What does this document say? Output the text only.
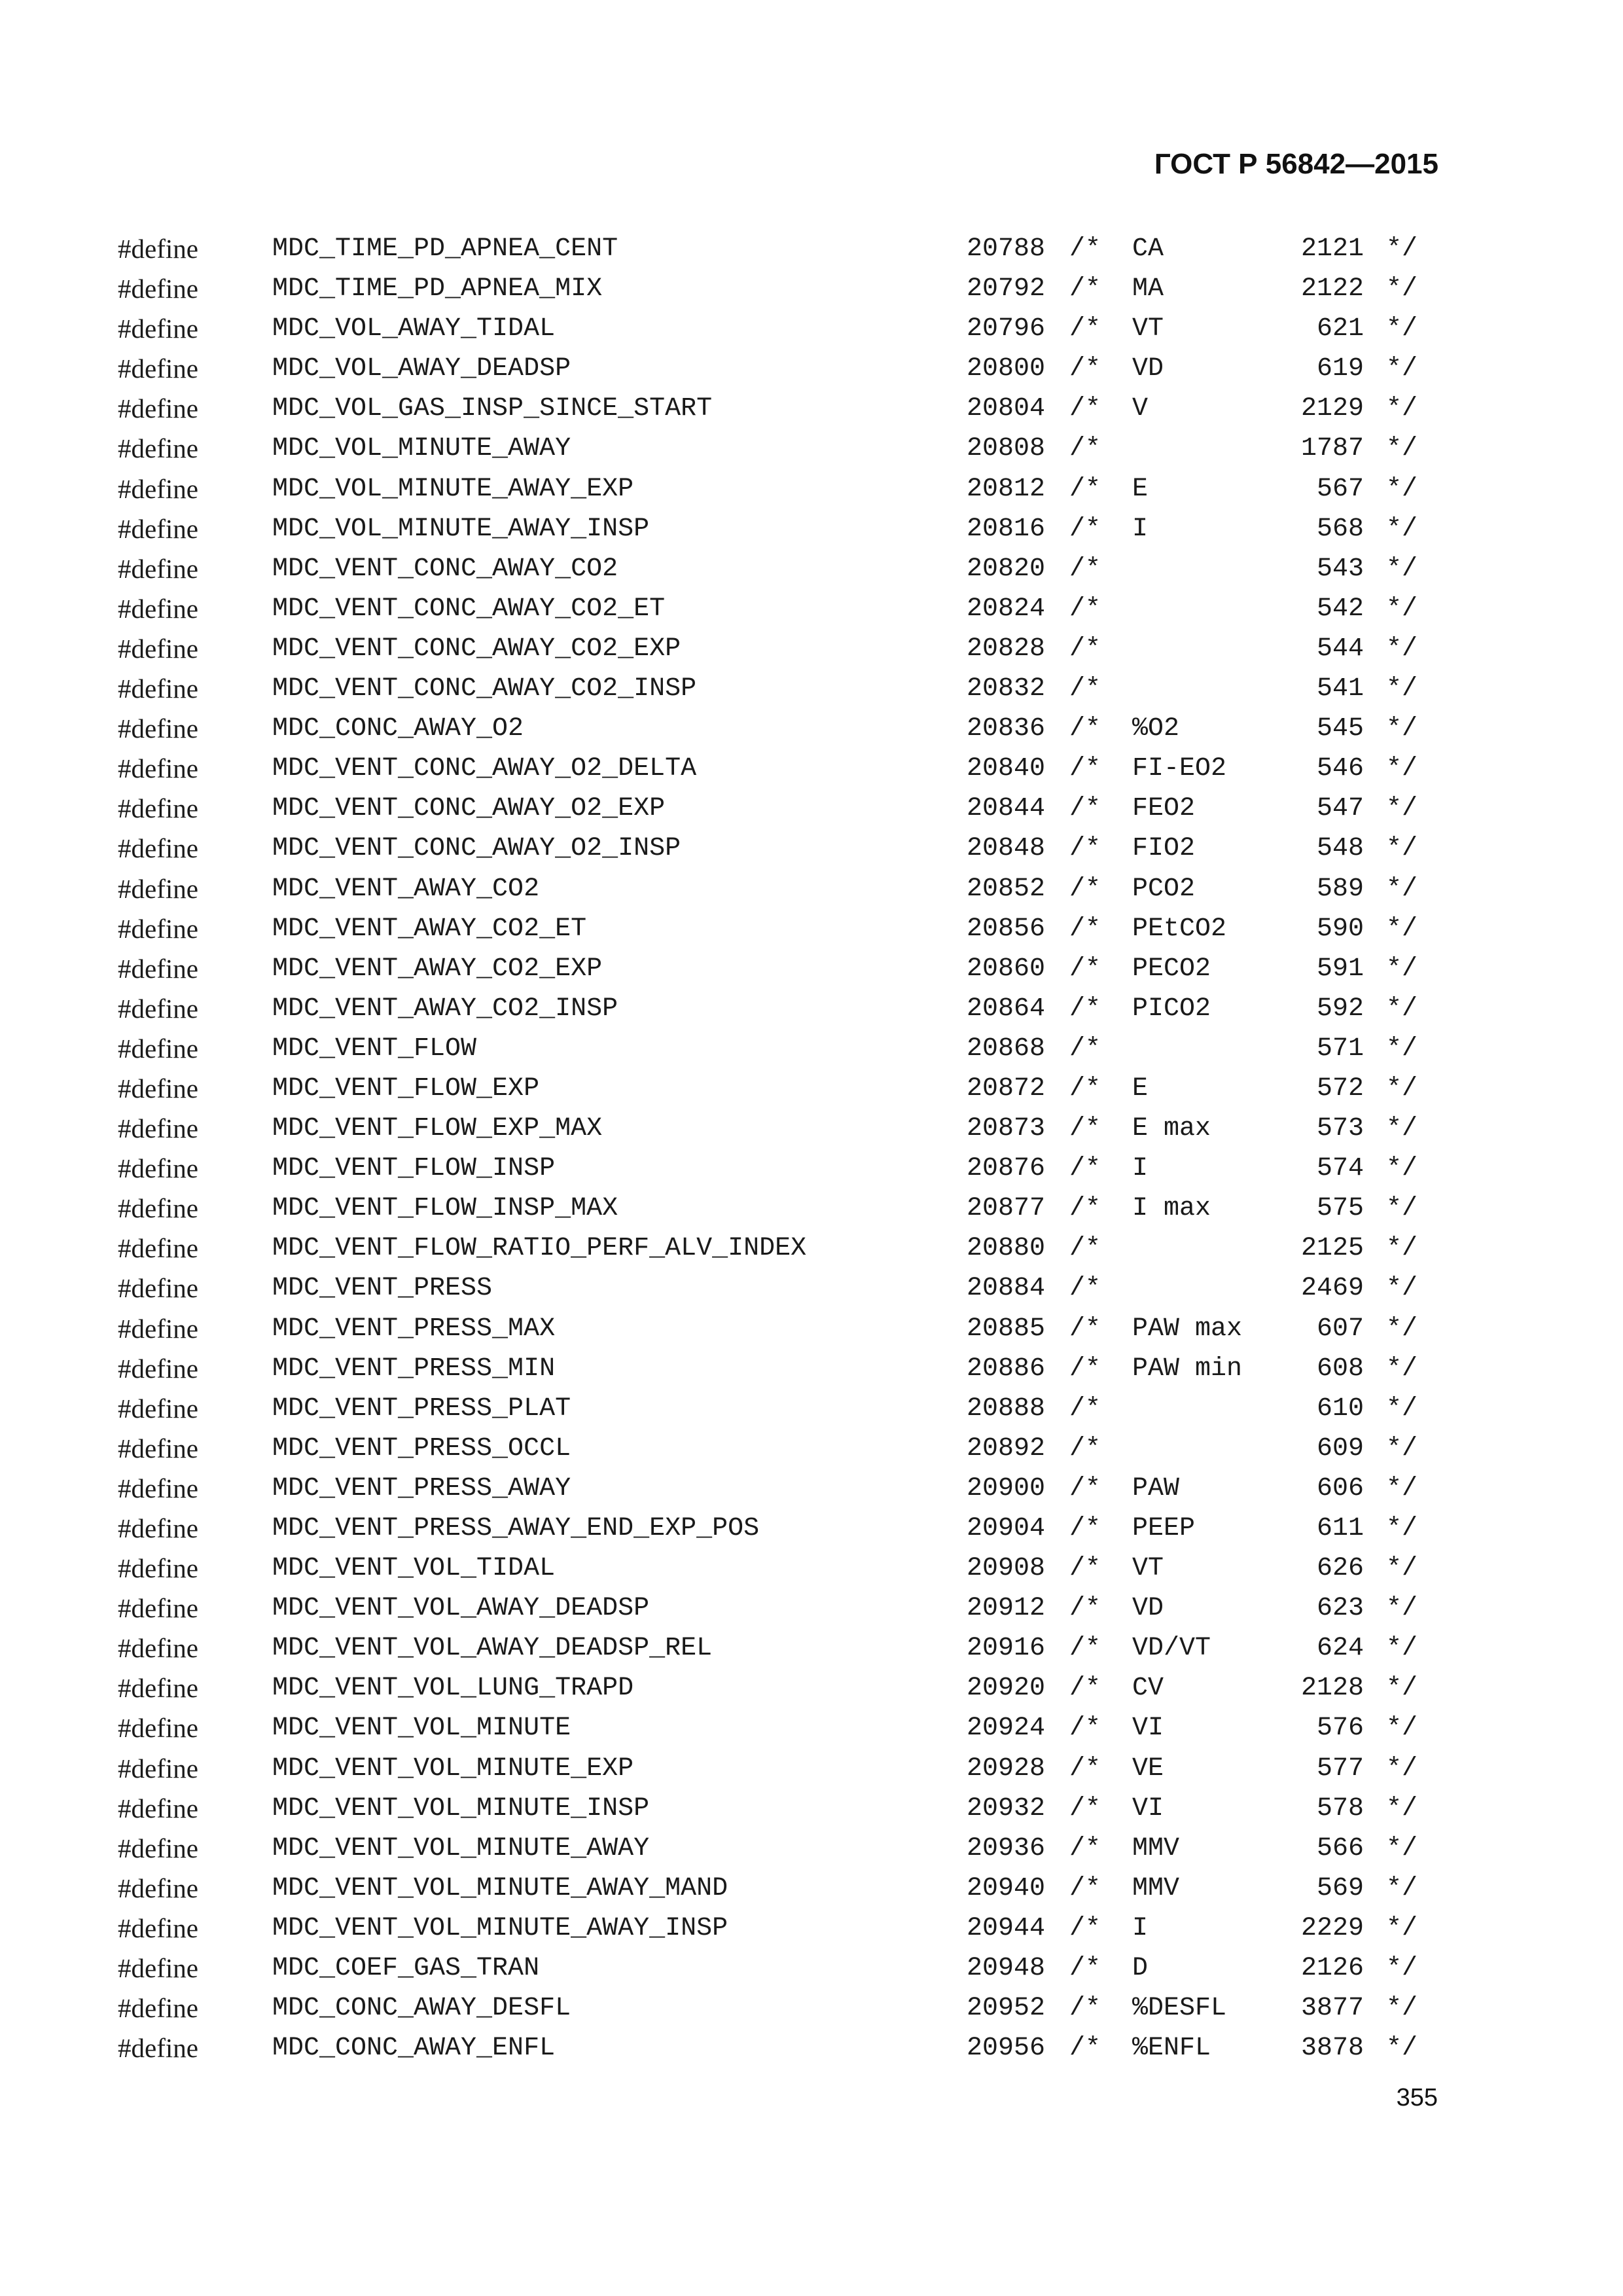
ГОСТ Р 56842—2015
#define	MDC_TIME_PD_APNEA_CENT	20788 /* CA	2121 */
#define	MDC_TIME_PD_APNEA_MIX	20792 /* MA	2122 */
#define	MDC_VOL_AWAY_TIDAL	20796 /* VT	621 */
#define	MDC_VOL_AWAY_DEADSP	20800 /* VD	619 */
#define	MDC_VOL_GAS_INSP_SINCE_START	20804 /* V	2129 */
#define	MDC_VOL_MINUTE_AWAY	20808 /*	1787 */
#define	MDC_VOL_MINUTE_AWAY_EXP	20812 /* E	567 */
#define	MDC_VOL_MINUTE_AWAY_INSP	20816 /* I	568 */
#define	MDC_VENT_CONC_AWAY_CO2	20820 /*	543 */
#define	MDC_VENT_CONC_AWAY_CO2_ET	20824 /*	542 */
#define	MDC_VENT_CONC_AWAY_CO2_EXP	20828 /*	544 */
#define	MDC_VENT_CONC_AWAY_CO2_INSP	20832 /*	541 */
#define	MDC_CONC_AWAY_O2	20836 /* %O2	545 */
#define	MDC_VENT_CONC_AWAY_O2_DELTA	20840 /* FI-EO2	546 */
#define	MDC_VENT_CONC_AWAY_O2_EXP	20844 /* FEO2	547 */
#define	MDC_VENT_CONC_AWAY_O2_INSP	20848 /* FIO2	548 */
#define	MDC_VENT_AWAY_CO2	20852 /* PCO2	589 */
#define	MDC_VENT_AWAY_CO2_ET	20856 /* PEtCO2	590 */
#define	MDC_VENT_AWAY_CO2_EXP	20860 /* PECO2	591 */
#define	MDC_VENT_AWAY_CO2_INSP	20864 /* PICO2	592 */
#define	MDC_VENT_FLOW	20868 /*	571 */
#define	MDC_VENT_FLOW_EXP	20872 /* E	572 */
#define	MDC_VENT_FLOW_EXP_MAX	20873 /* E max	573 */
#define	MDC_VENT_FLOW_INSP	20876 /* I	574 */
#define	MDC_VENT_FLOW_INSP_MAX	20877 /* I max	575 */
#define	MDC_VENT_FLOW_RATIO_PERF_ALV_INDEX	20880 /*	2125 */
#define	MDC_VENT_PRESS	20884 /*	2469 */
#define	MDC_VENT_PRESS_MAX	20885 /* PAW max	607 */
#define	MDC_VENT_PRESS_MIN	20886 /* PAW min	608 */
#define	MDC_VENT_PRESS_PLAT	20888 /*	610 */
#define	MDC_VENT_PRESS_OCCL	20892 /*	609 */
#define	MDC_VENT_PRESS_AWAY	20900 /* PAW	606 */
#define	MDC_VENT_PRESS_AWAY_END_EXP_POS	20904 /* PEEP	611 */
#define	MDC_VENT_VOL_TIDAL	20908 /* VT	626 */
#define	MDC_VENT_VOL_AWAY_DEADSP	20912 /* VD	623 */
#define	MDC_VENT_VOL_AWAY_DEADSP_REL	20916 /* VD/VT	624 */
#define	MDC_VENT_VOL_LUNG_TRAPD	20920 /* CV	2128 */
#define	MDC_VENT_VOL_MINUTE	20924 /* VI	576 */
#define	MDC_VENT_VOL_MINUTE_EXP	20928 /* VE	577 */
#define	MDC_VENT_VOL_MINUTE_INSP	20932 /* VI	578 */
#define	MDC_VENT_VOL_MINUTE_AWAY	20936 /* MMV	566 */
#define	MDC_VENT_VOL_MINUTE_AWAY_MAND	20940 /* MMV	569 */
#define	MDC_VENT_VOL_MINUTE_AWAY_INSP	20944 /* I	2229 */
#define	MDC_COEF_GAS_TRAN	20948 /* D	2126 */
#define	MDC_CONC_AWAY_DESFL	20952 /* %DESFL	3877 */
#define	MDC_CONC_AWAY_ENFL	20956 /* %ENFL	3878 */
355
